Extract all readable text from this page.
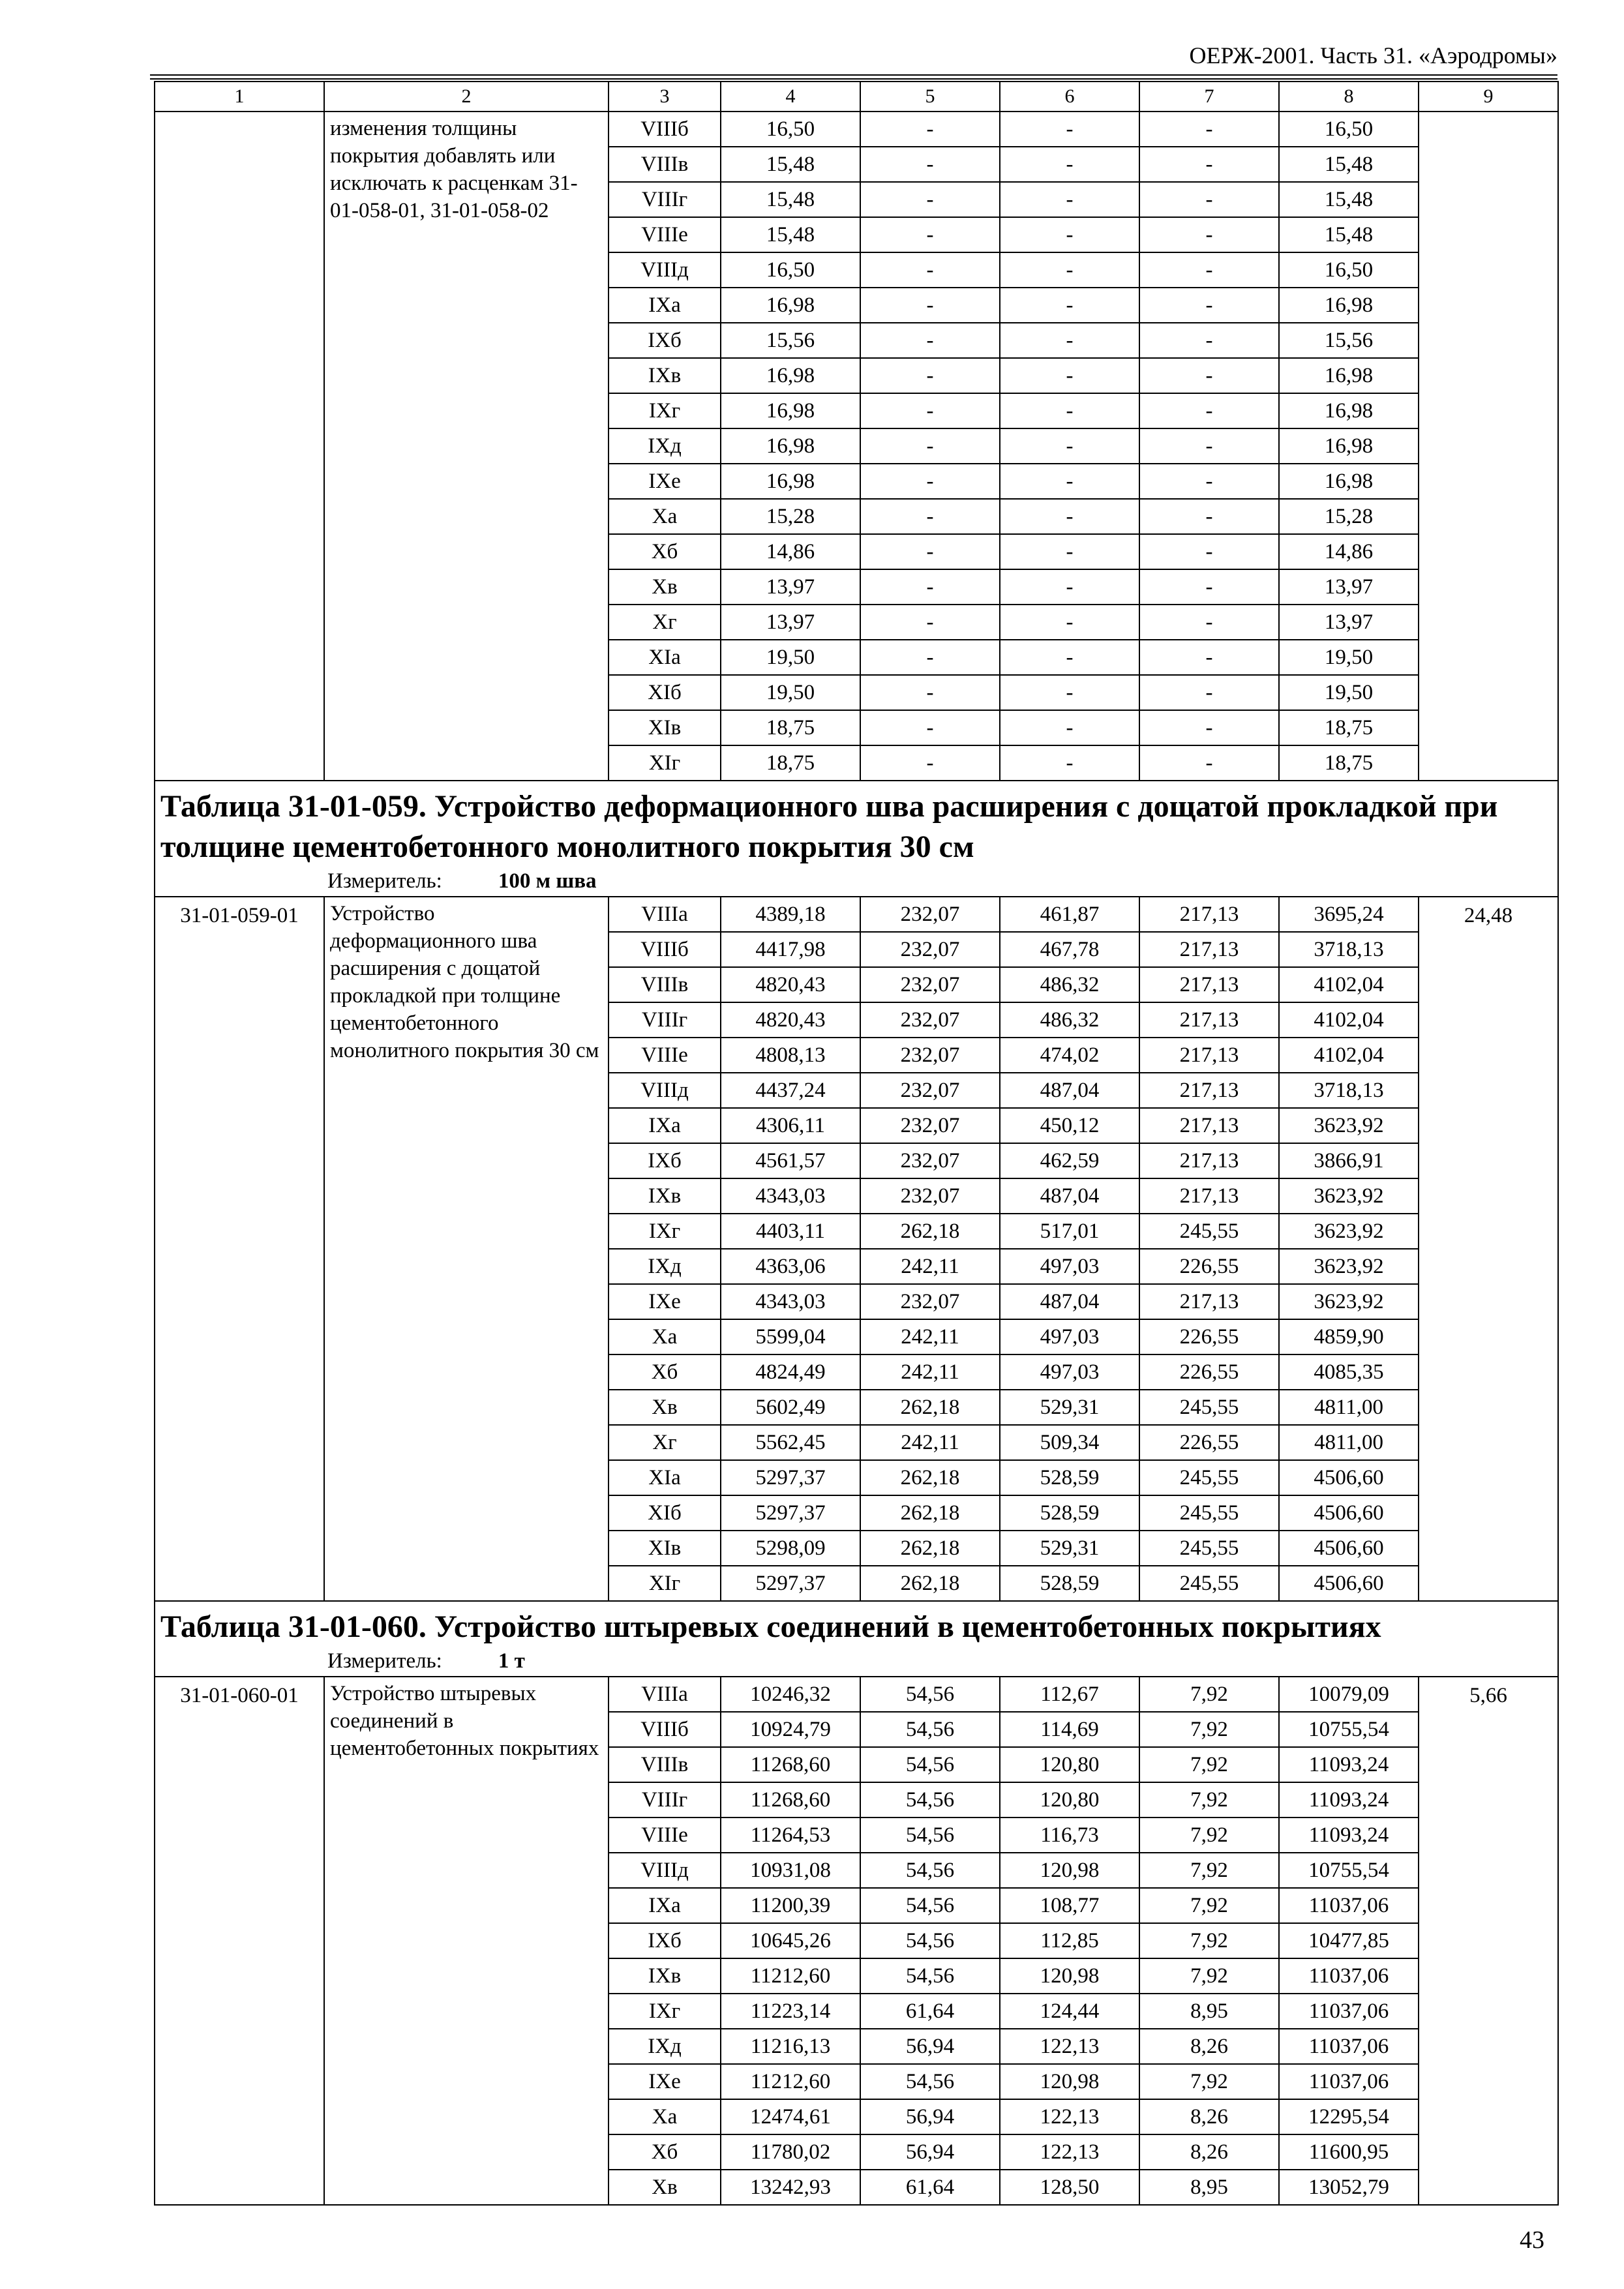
ОЕРЖ-2001. Часть 31. «Аэродромы»
1	2	3	4	5	6	7	8	9
	изменения толщины покрытия добавлять или исключать к расценкам 31-01-058-01, 31-01-058-02	VIIIб	16,50	-	-	-	16,50	
		VIIIв	15,48	-	-	-	15,48	
		VIIIг	15,48	-	-	-	15,48	
		VIIIе	15,48	-	-	-	15,48	
		VIIIд	16,50	-	-	-	16,50	
		IXа	16,98	-	-	-	16,98	
		IXб	15,56	-	-	-	15,56	
		IXв	16,98	-	-	-	16,98	
		IXг	16,98	-	-	-	16,98	
		IXд	16,98	-	-	-	16,98	
		IXе	16,98	-	-	-	16,98	
		Xа	15,28	-	-	-	15,28	
		Xб	14,86	-	-	-	14,86	
		Xв	13,97	-	-	-	13,97	
		Xг	13,97	-	-	-	13,97	
		XIа	19,50	-	-	-	19,50	
		XIб	19,50	-	-	-	19,50	
		XIв	18,75	-	-	-	18,75	
		XIг	18,75	-	-	-	18,75	

Таблица 31-01-059. Устройство деформационного шва расширения с дощатой прокладкой при толщине цементобетонного монолитного покрытия 30 см
Измеритель: 100 м шва								

31-01-059-01	Устройство деформационного шва расширения с дощатой прокладкой при толщине цементобетонного монолитного покрытия 30 см	VIIIа	4389,18	232,07	461,87	217,13	3695,24	24,48
		VIIIб	4417,98	232,07	467,78	217,13	3718,13	
		VIIIв	4820,43	232,07	486,32	217,13	4102,04	
		VIIIг	4820,43	232,07	486,32	217,13	4102,04	
		VIIIе	4808,13	232,07	474,02	217,13	4102,04	
		VIIIд	4437,24	232,07	487,04	217,13	3718,13	
		IXа	4306,11	232,07	450,12	217,13	3623,92	
		IXб	4561,57	232,07	462,59	217,13	3866,91	
		IXв	4343,03	232,07	487,04	217,13	3623,92	
		IXг	4403,11	262,18	517,01	245,55	3623,92	
		IXд	4363,06	242,11	497,03	226,55	3623,92	
		IXе	4343,03	232,07	487,04	217,13	3623,92	
		Xа	5599,04	242,11	497,03	226,55	4859,90	
		Xб	4824,49	242,11	497,03	226,55	4085,35	
		Xв	5602,49	262,18	529,31	245,55	4811,00	
		Xг	5562,45	242,11	509,34	226,55	4811,00	
		XIа	5297,37	262,18	528,59	245,55	4506,60	
		XIб	5297,37	262,18	528,59	245,55	4506,60	
		XIв	5298,09	262,18	529,31	245,55	4506,60	
		XIг	5297,37	262,18	528,59	245,55	4506,60	

Таблица 31-01-060. Устройство штыревых соединений в цементобетонных покрытиях
Измеритель: 1 т								

31-01-060-01	Устройство штыревых соединений в цементобетонных покрытиях	VIIIа	10246,32	54,56	112,67	7,92	10079,09	5,66
		VIIIб	10924,79	54,56	114,69	7,92	10755,54	
		VIIIв	11268,60	54,56	120,80	7,92	11093,24	
		VIIIг	11268,60	54,56	120,80	7,92	11093,24	
		VIIIе	11264,53	54,56	116,73	7,92	11093,24	
		VIIIд	10931,08	54,56	120,98	7,92	10755,54	
		IXа	11200,39	54,56	108,77	7,92	11037,06	
		IXб	10645,26	54,56	112,85	7,92	10477,85	
		IXв	11212,60	54,56	120,98	7,92	11037,06	
		IXг	11223,14	61,64	124,44	8,95	11037,06	
		IXд	11216,13	56,94	122,13	8,26	11037,06	
		IXе	11212,60	54,56	120,98	7,92	11037,06	
		Xа	12474,61	56,94	122,13	8,26	12295,54	
		Xб	11780,02	56,94	122,13	8,26	11600,95	
		Xв	13242,93	61,64	128,50	8,95	13052,79	
43
